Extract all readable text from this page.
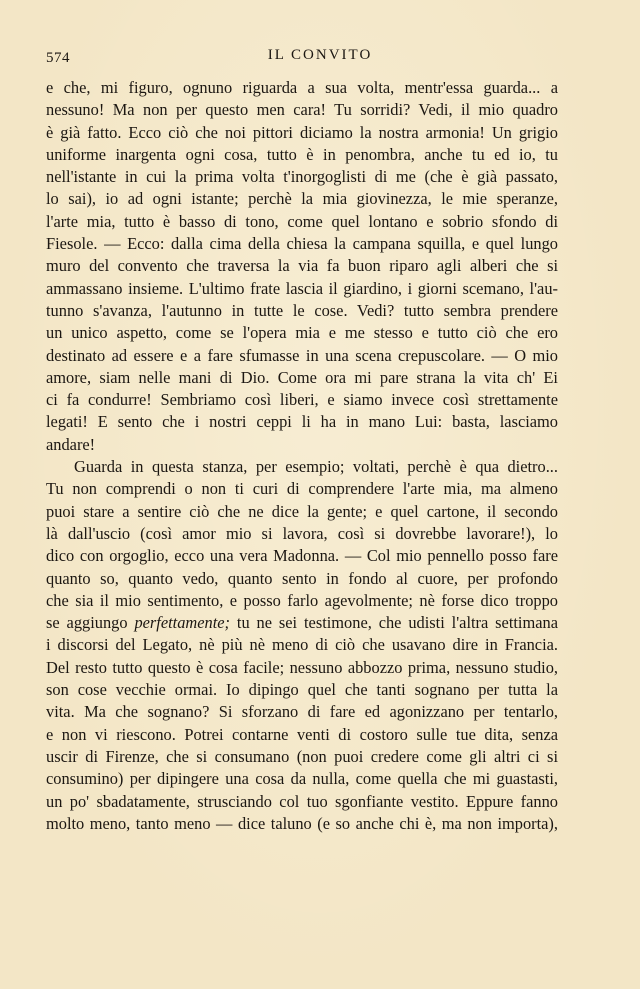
574	IL CONVITO

e che, mi figuro, ognuno riguarda a sua volta, mentr'essa guarda... a

nessuno! Ma non per questo men cara! Tu sorridi? Vedi, il mio quadro

è già fatto. Ecco ciò che noi pittori diciamo la nostra armonia! Un grigio

uniforme inargenta ogni cosa, tutto è in penombra, anche tu ed io, tu

nell'istante in cui la prima volta t'inorgoglisti di me (che è già passato,

lo sai), io ad ogni istante; perchè la mia giovinezza, le mie speranze,

l'arte mia, tutto è basso di tono, come quel lontano e sobrio sfondo di

Fiesole. — Ecco: dalla cima della chiesa la campana squilla, e quel lungo

muro del convento che traversa la via fa buon riparo agli alberi che si

ammassano insieme. L'ultimo frate lascia il giardino, i giorni scemano, l'au-

tunno s'avanza, l'autunno in tutte le cose. Vedi? tutto sembra prendere

un unico aspetto, come se l'opera mia e me stesso e tutto ciò che ero

destinato ad essere e a fare sfumasse in una scena crepuscolare. — O mio

amore, siam nelle mani di Dio. Come ora mi pare strana la vita ch' Ei

ci fa condurre! Sembriamo così liberi, e siamo invece così strettamente

legati! E sento che i nostri ceppi li ha in mano Lui: basta, lasciamo

andare!

Guarda in questa stanza, per esempio; voltati, perchè è qua dietro...

Tu non comprendi o non ti curi di comprendere l'arte mia, ma almeno

puoi stare a sentire ciò che ne dice la gente; e quel cartone, il secondo

là dall'uscio (così amor mio si lavora, così si dovrebbe lavorare!), lo

dico con orgoglio, ecco una vera Madonna. — Col mio pennello posso fare

quanto so, quanto vedo, quanto sento in fondo al cuore, per profondo

che sia il mio sentimento, e posso farlo agevolmente; nè forse dico troppo

se aggiungo perfettamente; tu ne sei testimone, che udisti l'altra settimana

i discorsi del Legato, nè più nè meno di ciò che usavano dire in Francia.

Del resto tutto questo è cosa facile; nessuno abbozzo prima, nessuno studio,

son cose vecchie ormai. Io dipingo quel che tanti sognano per tutta la

vita. Ma che sognano? Si sforzano di fare ed agonizzano per tentarlo,

e non vi riescono. Potrei contarne venti di costoro sulle tue dita, senza

uscir di Firenze, che si consumano (non puoi credere come gli altri ci si

consumino) per dipingere una cosa da nulla, come quella che mi guastasti,

un po' sbadatamente, strusciando col tuo sgonfiante vestito. Eppure fanno

molto meno, tanto meno — dice taluno (e so anche chi è, ma non importa),
